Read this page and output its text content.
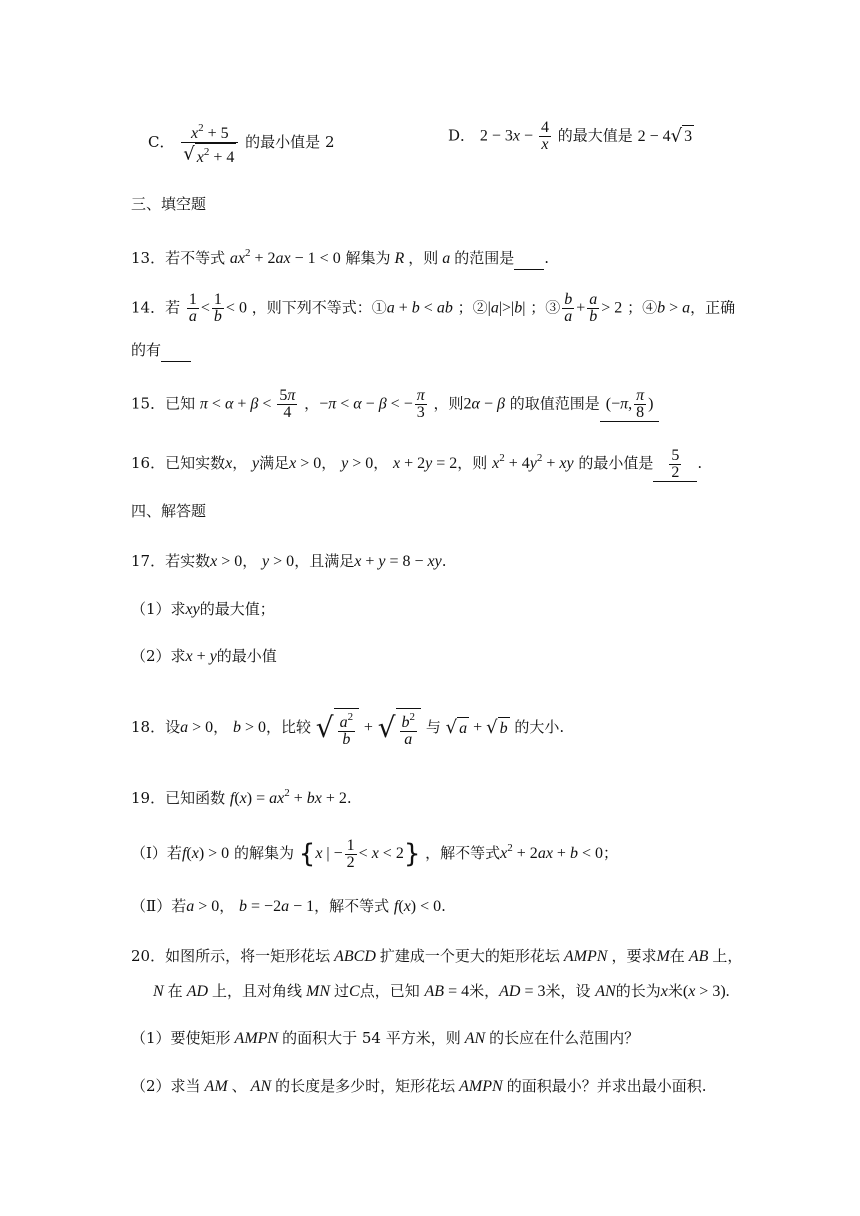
C． $\frac{x^2 + 5}{√ x^2 + 4}$ 的最小值是 2	D． $2 - 3x - \frac{4}{x}$ 的最大值是 2 − 4√ 3
三、填空题
13．若不等式 $ax^2 + 2ax - 1 < 0$ 解集为 R ，则 a 的范围是 .
14．若 $\frac{1}{a} < \frac{1}{b} < 0$ ，则下列不等式：①a + b < ab ；②|a|>|b| ；③ $\frac{b}{a} + \frac{a}{b} > 2$ ；④b > a，正确
的有
15．已知 $\pi < \alpha + \beta < \frac{5\pi}{4}$ ，−π < α − β < − $\frac{\pi}{3}$ ，则2α − β 的取值范围是 (−π, $\frac{\pi}{8}$ )
16．已知实数x， y满足x > 0， y > 0， x + 2y = 2，则 $x^2 + 4y^2$ + xy 的最小值是 $\frac{5}{2}$ .
四、解答题
17．若实数x > 0， y > 0，且满足x + y = 8 − xy.
（1）求xy的最大值；
（2）求x + y的最小值
18．设a > 0， b > 0，比较 √ $\frac{a^2}{b}$ + √ $\frac{b^2}{a}$ 与 √ a + √ b 的大小.
19．已知函数 $f(x) = ax^2$ + bx + 2.
（Ⅰ）若f(x) > 0 的解集为 {x | − $\frac{1}{2} < x < 2$} ，解不等式$x^2 + 2ax + b < 0$；
（Ⅱ）若a > 0， b = −2a − 1，解不等式 f(x) < 0.
20．如图所示，将一矩形花坛 ABCD 扩建成一个更大的矩形花坛 AMPN ，要求M在 AB 上，
N 在 AD 上，且对角线 MN 过C点，已知 AB = 4米，AD = 3米，设 AN的长为x米(x > 3).
（1）要使矩形 AMPN 的面积大于 54 平方米，则 AN 的长应在什么范围内？
（2）求当 AM 、 AN 的长度是多少时，矩形花坛 AMPN 的面积最小？并求出最小面积.
